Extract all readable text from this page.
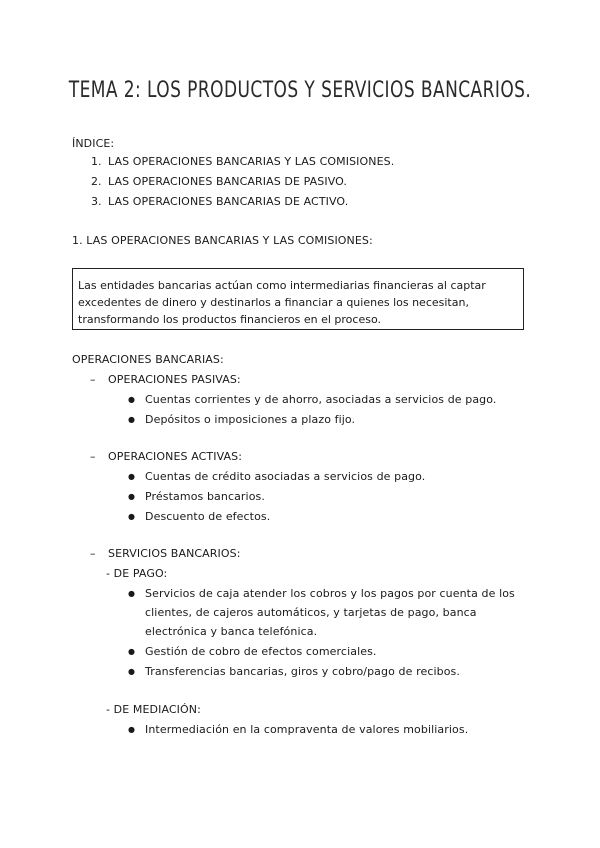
TEMA 2: LOS PRODUCTOS Y SERVICIOS BANCARIOS.
ÍNDICE:
1. LAS OPERACIONES BANCARIAS Y LAS COMISIONES.
2. LAS OPERACIONES BANCARIAS DE PASIVO.
3. LAS OPERACIONES BANCARIAS DE ACTIVO.
1. LAS OPERACIONES BANCARIAS Y LAS COMISIONES:
Las entidades bancarias actúan como intermediarias financieras al captar
excedentes de dinero y destinarlos a financiar a quienes los necesitan,
transformando los productos financieros en el proceso.
OPERACIONES BANCARIAS:
– OPERACIONES PASIVAS:
● Cuentas corrientes y de ahorro, asociadas a servicios de pago.
● Depósitos o imposiciones a plazo fijo.
– OPERACIONES ACTIVAS:
● Cuentas de crédito asociadas a servicios de pago.
● Préstamos bancarios.
● Descuento de efectos.
– SERVICIOS BANCARIOS:
- DE PAGO:
● Servicios de caja atender los cobros y los pagos por cuenta de los
clientes, de cajeros automáticos, y tarjetas de pago, banca
electrónica y banca telefónica.
● Gestión de cobro de efectos comerciales.
● Transferencias bancarias, giros y cobro/pago de recibos.
- DE MEDIACIÓN:
● Intermediación en la compraventa de valores mobiliarios.
